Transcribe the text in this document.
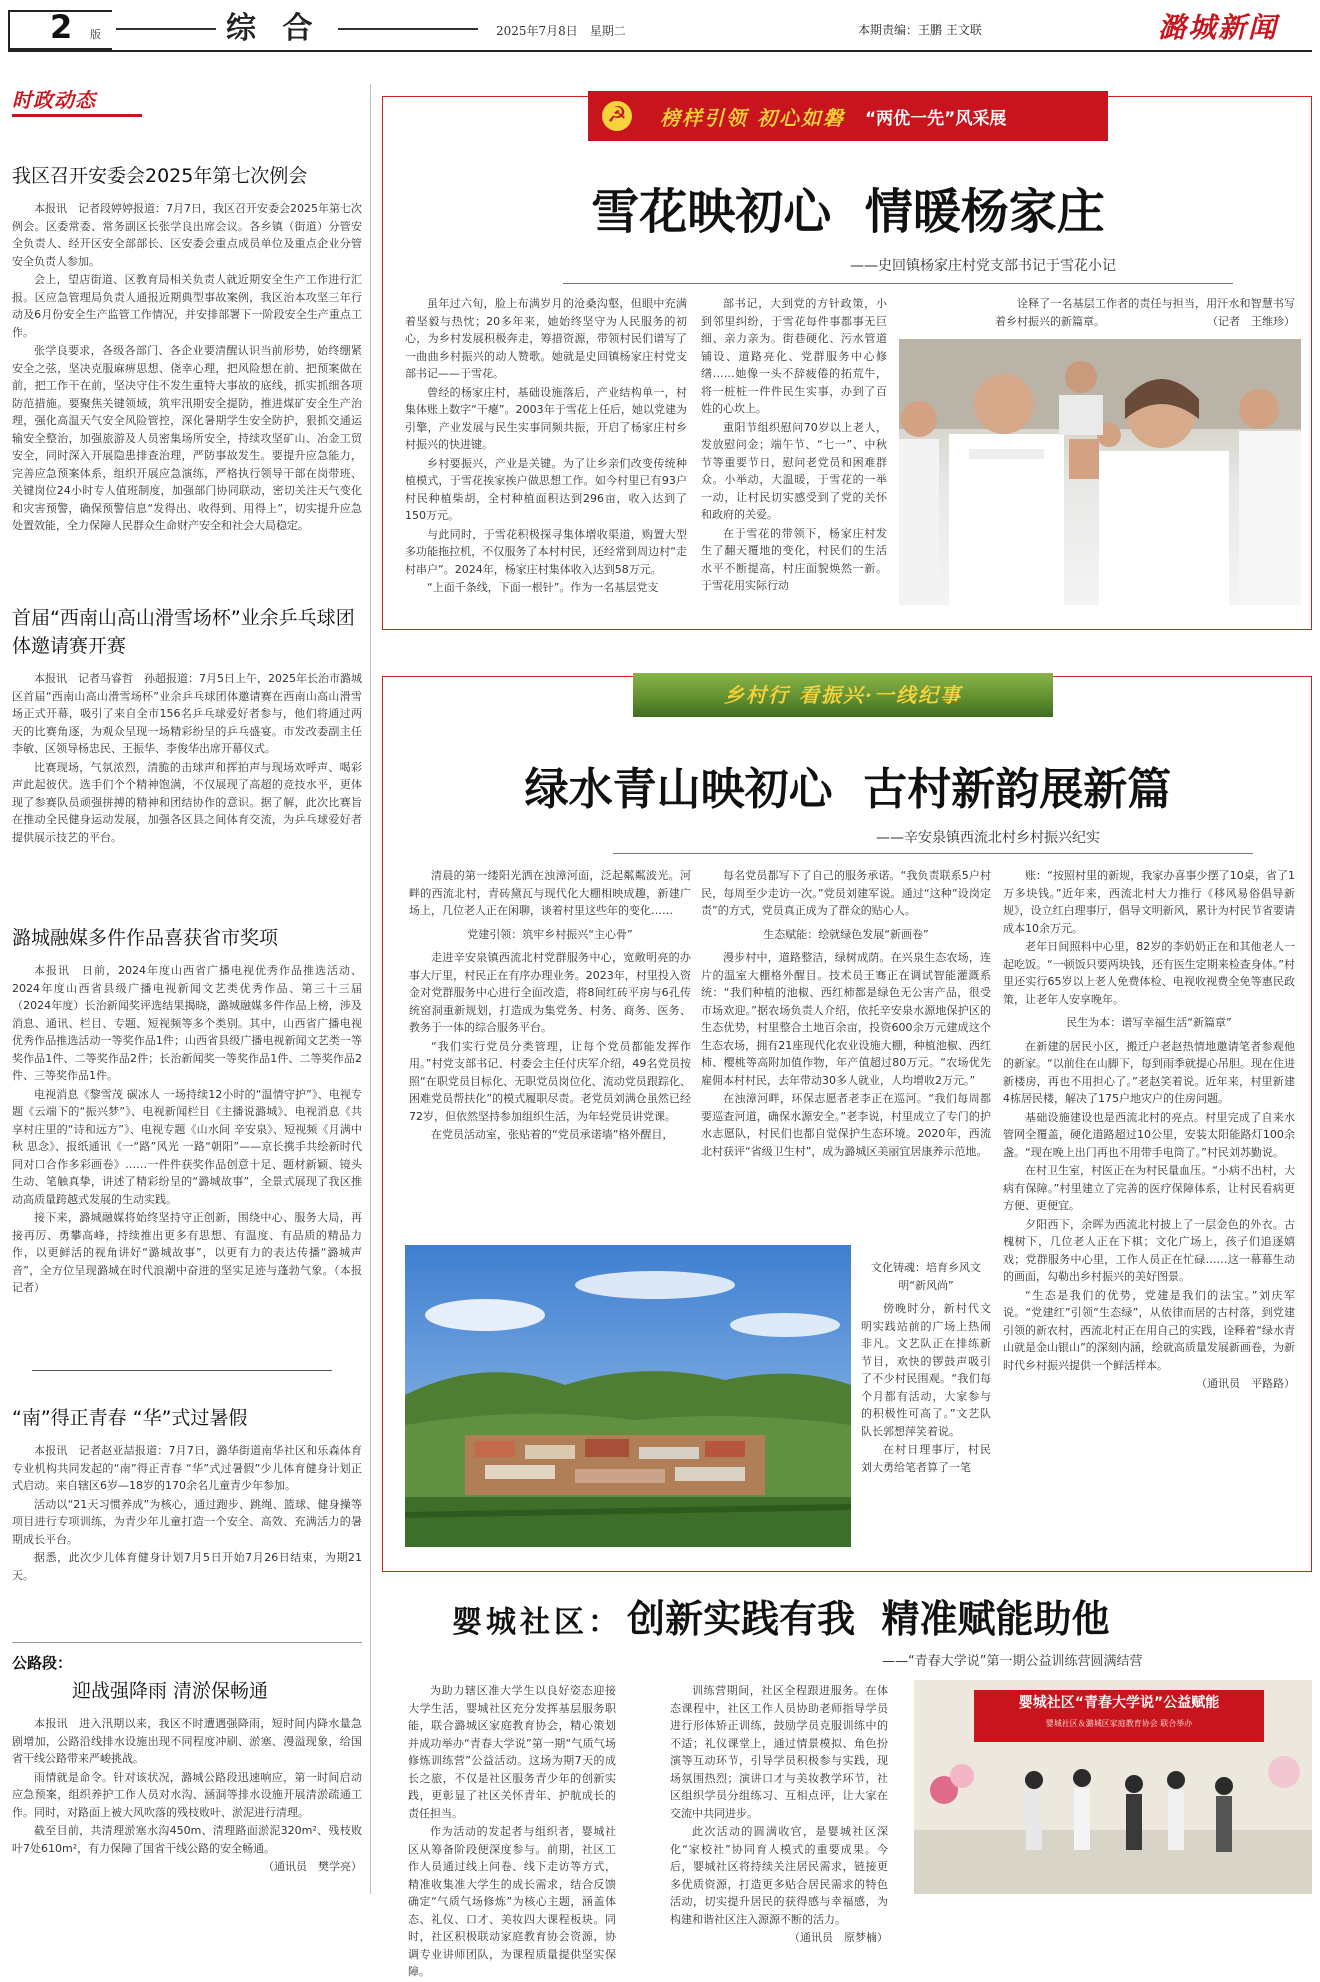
2 版	综 合	2025年7月8日　星期二	本期责编：王鹏 王文联	潞城新闻
时政动态
我区召开安委会2025年第七次例会

本报讯　记者段婷婷报道：7月7日，我区召开安委会2025年第七次例会。区委常委、常务副区长张学良出席会议。各乡镇（街道）分管安全负责人、经开区安全部部长、区安委会重点成员单位及重点企业分管安全负责人参加。

会上，望店街道、区教育局相关负责人就近期安全生产工作进行汇报。区应急管理局负责人通报近期典型事故案例，我区治本攻坚三年行动及6月份安全生产监管工作情况，并安排部署下一阶段安全生产重点工作。

张学良要求，各级各部门、各企业要清醒认识当前形势，始终绷紧安全之弦，坚决克服麻痹思想、侥幸心理，把风险想在前、把预案做在前，把工作干在前，坚决守住不发生重特大事故的底线，抓实抓细各项防范措施。要聚焦关键领域，筑牢汛期安全提防，推进煤矿安全生产治理，强化高温天气安全风险管控，深化暑期学生安全防护，狠抓交通运输安全整治，加强旅游及人员密集场所安全，持续攻坚矿山、冶金工贸安全，同时深入开展隐患排查治理，严防事故发生。要提升应急能力，完善应急预案体系，组织开展应急演练，严格执行领导干部在岗带班、关键岗位24小时专人值班制度，加强部门协同联动，密切关注天气变化和灾害预警，确保预警信息“发得出、收得到、用得上”，切实提升应急处置效能，全力保障人民群众生命财产安全和社会大局稳定。

首届“西南山高山滑雪场杯”业余乒乓球团体邀请赛开赛

本报讯　记者马睿哲　孙超报道：7月5日上午，2025年长治市潞城区首届“西南山高山滑雪场杯”业余乒乓球团体邀请赛在西南山高山滑雪场正式开幕，吸引了来自全市156名乒乓球爱好者参与，他们将通过两天的比赛角逐，为观众呈现一场精彩纷呈的乒乓盛宴。市发改委副主任李敏、区领导杨忠民、王振华、李俊华出席开幕仪式。

比赛现场，气氛浓烈，清脆的击球声和挥拍声与现场欢呼声、喝彩声此起彼伏。选手们个个精神饱满，不仅展现了高超的竞技水平，更体现了参赛队员顽强拼搏的精神和团结协作的意识。据了解，此次比赛旨在推动全民健身运动发展，加强各区县之间体育交流，为乒乓球爱好者提供展示技艺的平台。

潞城融媒多件作品喜获省市奖项

本报讯　日前，2024年度山西省广播电视优秀作品推选活动、2024年度山西省县级广播电视新闻文艺类优秀作品、第三十三届（2024年度）长治新闻奖评选结果揭晓，潞城融媒多件作品上榜，涉及消息、通讯、栏目、专题、短视频等多个类别。其中，山西省广播电视优秀作品推选活动一等奖作品1件；山西省县级广播电视新闻文艺类一等奖作品1件、二等奖作品2件；长治新闻奖一等奖作品1件、二等奖作品2件、三等奖作品1件。

电视消息《黎雪茂 碳冰人 一场持续12小时的“温情守护”》、电视专题《云端下的“振兴梦”》、电视新闻栏目《主播说潞城》、电视消息《共享村庄里的“诗和远方”》、电视专题《山水间 辛安泉》、短视频《月满中秋 思念》、报纸通讯《一“路”风光 一路“朝阳”——京长携手共绘新时代同对口合作多彩画卷》……一件件获奖作品创意十足、题材新颖、镜头生动、笔触真挚，讲述了精彩纷呈的“潞城故事”，全景式展现了我区推动高质量跨越式发展的生动实践。

接下来，潞城融媒将始终坚持守正创新，围绕中心、服务大局，再接再厉、勇攀高峰，持续推出更多有思想、有温度、有品质的精品力作，以更鲜活的视角讲好“潞城故事”，以更有力的表达传播“潞城声音”，全方位呈现潞城在时代浪潮中奋进的坚实足迹与蓬勃气象。（本报记者）

“南”得正青春 “华”式过暑假

本报讯　记者赵亚喆报道：7月7日，潞华街道南华社区和乐森体育专业机构共同发起的“南”得正青春 “华”式过暑假”少儿体育健身计划正式启动。来自辖区6岁—18岁的170余名儿童青少年参加。

活动以“21天习惯养成”为核心，通过跑步、跳绳、篮球、健身操等项目进行专项训练，为青少年儿童打造一个安全、高效、充满活力的暑期成长平台。

据悉，此次少儿体育健身计划7月5日开始7月26日结束，为期21天。

公路段：
迎战强降雨 清淤保畅通

本报讯　进入汛期以来，我区不时遭遇强降雨，短时间内降水量急剧增加，公路沿线排水设施出现不同程度冲刷、淤塞、漫溢现象，给国省干线公路带来严峻挑战。

雨情就是命令。针对该状况，潞城公路段迅速响应，第一时间启动应急预案，组织养护工作人员对水沟、涵洞等排水设施开展清淤疏通工作。同时，对路面上被大风吹落的残枝败叶、淤泥进行清理。

截至目前，共清理淤塞水沟450m、清理路面淤泥320m²、残枝败叶7处610m²，有力保障了国省干线公路的安全畅通。

（通讯员　樊学亮）
☭ 榜样引领 初心如磐 “两优一先”风采展
雪花映初心  情暖杨家庄
——史回镇杨家庄村党支部书记于雪花小记

虽年过六旬，脸上布满岁月的沧桑沟壑，但眼中充满着坚毅与热忱；20多年来，她始终坚守为人民服务的初心，为乡村发展积极奔走，筹措资源，带领村民们谱写了一曲曲乡村振兴的动人赞歌。她就是史回镇杨家庄村党支部书记——于雪花。

曾经的杨家庄村，基础设施落后，产业结构单一，村集体账上数字“干瘪”。2003年于雪花上任后，她以党建为引擎，产业发展与民生实事同频共振，开启了杨家庄村乡村振兴的快进键。

乡村要振兴，产业是关键。为了让乡亲们改变传统种植模式，于雪花挨家挨户做思想工作。如今村里已有93户村民种植柴胡，全村种植面积达到296亩，收入达到了150万元。

与此同时，于雪花积极探寻集体增收渠道，购置大型多功能拖拉机，不仅服务了本村村民，还经常到周边村“走村串户”。2024年，杨家庄村集体收入达到58万元。

“上面千条线，下面一根针”。作为一名基层党支

部书记，大到党的方针政策，小到邻里纠纷，于雪花每件事都事无巨细、亲力亲为。街巷硬化、污水管道铺设、道路亮化、党群服务中心修缮……她像一头不辞疲倦的拓荒牛，将一桩桩一件件民生实事，办到了百姓的心坎上。

重阳节组织慰问70岁以上老人，发放慰问金；端午节、“七一”、中秋节等重要节日，慰问老党员和困难群众。小举动，大温暖，于雪花的一举一动，让村民切实感受到了党的关怀和政府的关爱。

在于雪花的带领下，杨家庄村发生了翻天覆地的变化，村民们的生活水平不断提高，村庄面貌焕然一新。于雪花用实际行动

诠释了一名基层工作者的责任与担当，用汗水和智慧书写着乡村振兴的新篇章。	（记者　王维珍）
乡村行 看振兴·一线纪事
绿水青山映初心  古村新韵展新篇
——辛安泉镇西流北村乡村振兴纪实

清晨的第一缕阳光洒在浊漳河面，泛起粼粼波光。河畔的西流北村，青砖黛瓦与现代化大棚相映成趣，新建广场上，几位老人正在闲聊，谈着村里这些年的变化……

党建引领：筑牢乡村振兴“主心骨”

走进辛安泉镇西流北村党群服务中心，宽敞明亮的办事大厅里，村民正在有序办理业务。2023年，村里投入资金对党群服务中心进行全面改造，将8间红砖平房与6孔传统窑洞重新规划，打造成为集党务、村务、商务、医务、教务于一体的综合服务平台。

“我们实行党员分类管理，让每个党员都能发挥作用。”村党支部书记、村委会主任付庆军介绍，49名党员按照“在职党员目标化、无职党员岗位化、流动党员跟踪化、困难党员帮扶化”的模式履职尽责。老党员刘满仓虽然已经72岁，但依然坚持参加组织生活，为年轻党员讲党课。

在党员活动室，张贴着的“党员承诺墙”格外醒目，

每名党员都写下了自己的服务承诺。“我负责联系5户村民，每周至少走访一次。”党员刘建军说。通过“这种”设岗定责”的方式，党员真正成为了群众的贴心人。

生态赋能：绘就绿色发展“新画卷”

漫步村中，道路整洁，绿树成荫。在兴泉生态农场，连片的温室大棚格外醒目。技术员王骞正在调试智能灌溉系统：“我们种植的池椒、西红柿都是绿色无公害产品，很受市场欢迎。”据农场负责人介绍，依托辛安泉水源地保护区的生态优势，村里整合土地百余亩，投资600余万元建成这个生态农场，拥有21座现代化农业设施大棚，种植池椒、西红柿、樱桃等高附加值作物，年产值超过80万元。“农场优先雇佣本村村民，去年带动30多人就业，人均增收2万元。”

在浊漳河畔，环保志愿者老李正在巡河。“我们每周都要巡查河道，确保水源安全。”老李说，村里成立了专门的护水志愿队，村民们也都自觉保护生态环境。2020年，西流北村获评“省级卫生村”，成为潞城区美丽宜居康养示范地。

文化铸魂：培育乡风文明“新风尚”

傍晚时分，新村代文明实践站前的广场上热闹非凡。文艺队正在排练新节目，欢快的锣鼓声吸引了不少村民围观。“我们每个月都有活动，大家参与的积极性可高了。”文艺队队长郭想萍笑着说。

在村日理事厅，村民刘大勇给笔者算了一笔

账：“按照村里的新规，我家办喜事少摆了10桌，省了1万多块钱。”近年来，西流北村大力推行《移风易俗倡导新规》，设立红白理事厅，倡导文明新风，累计为村民节省要请成本10余万元。

老年日间照料中心里，82岁的李奶奶正在和其他老人一起吃饭。“一顿饭只要两块钱，还有医生定期来检查身体。”村里还实行65岁以上老人免费体检、电视收视费全免等惠民政策，让老年人安享晚年。

民生为本：谱写幸福生活“新篇章”

在新建的居民小区，搬迁户老赵热情地邀请笔者参观他的新家。“以前住在山脚下，每到雨季就提心吊胆。现在住进新楼房，再也不用担心了。”老赵笑着说。近年来，村里新建4栋居民楼，解决了175户地灾户的住房问题。

基础设施建设也是西流北村的亮点。村里完成了自来水管网全覆盖，硬化道路超过10公里，安装太阳能路灯100余盏。“现在晚上出门再也不用带手电筒了。”村民刘苏勤说。

在村卫生室，村医正在为村民量血压。“小病不出村，大病有保障。”村里建立了完善的医疗保障体系，让村民看病更方便、更便宜。

夕阳西下，余晖为西流北村披上了一层金色的外衣。古槐树下，几位老人正在下棋；文化广场上，孩子们追逐嬉戏；党群服务中心里，工作人员正在忙碌……这一幕幕生动的画面，勾勒出乡村振兴的美好图景。

“生态是我们的优势，党建是我们的法宝。”刘庆军说。“党建红”引领“生态绿”，从依律而居的古村落，到党建引领的新农村，西流北村正在用自己的实践，诠释着“绿水青山就是金山银山”的深刻内涵，绘就高质量发展新画卷，为新时代乡村振兴提供一个鲜活样本。

（通讯员　平路路）
婴城社区： 创新实践有我  精准赋能助他
——“青春大学说”第一期公益训练营圆满结营

为助力辖区准大学生以良好姿态迎接大学生活，婴城社区充分发挥基层服务职能，联合潞城区家庭教育协会，精心策划并成功举办“青春大学说”第一期“气质气场修炼训练营”公益活动。这场为期7天的成长之旅，不仅是社区服务青少年的创新实践，更彰显了社区关怀青年、护航成长的责任担当。

作为活动的发起者与组织者，婴城社区从筹备阶段便深度参与。前期，社区工作人员通过线上问卷、线下走访等方式，精准收集准大学生的成长需求，结合反馈确定“气质气场修炼”为核心主题，涵盖体态、礼仪、口才、美妆四大课程板块。同时，社区积极联动家庭教育协会资源，协调专业讲师团队，为课程质量提供坚实保障。

训练营期间，社区全程跟进服务。在体态课程中，社区工作人员协助老师指导学员进行形体矫正训练，鼓励学员克服训练中的不适；礼仪课堂上，通过情景模拟、角色扮演等互动环节，引导学员积极参与实践，现场氛围热烈；演讲口才与美妆教学环节，社区组织学员分组练习、互相点评，让大家在交流中共同进步。

此次活动的圆满收官，是婴城社区深化“家校社”协同育人模式的重要成果。今后，婴城社区将持续关注居民需求，链接更多优质资源，打造更多贴合居民需求的特色活动，切实提升居民的获得感与幸福感，为构建和谐社区注入源源不断的活力。

（通讯员　原梦楠）
婴城社区“青春大学说”公益赋能
婴城社区＆潞城区家庭教育协会 联合举办
